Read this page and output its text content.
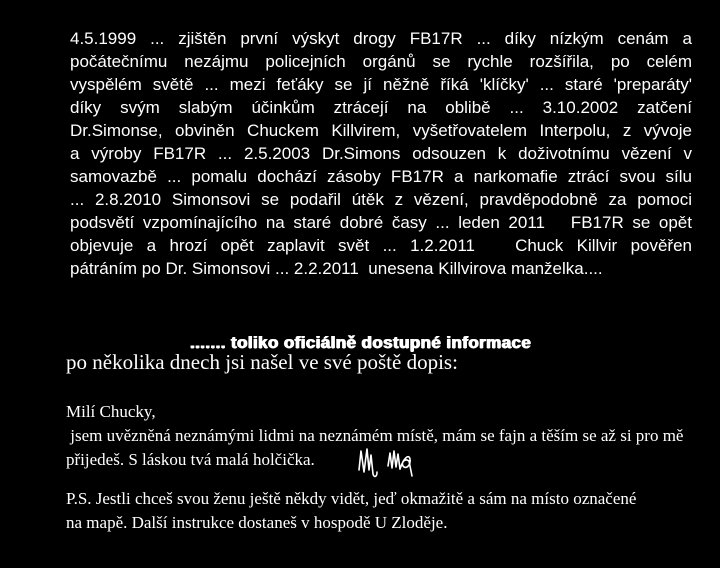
4.5.1999 ... zjištěn první výskyt drogy FB17R ... díky nízkým cenám a
počátečnímu nezájmu policejních orgánů se rychle rozšířila, po celém
vyspělém světě ... mezi feťáky se jí něžně říká 'klíčky' ... staré 'preparáty'
díky svým slabým účinkům ztrácejí na oblibě ... 3.10.2002 zatčení
Dr.Simonse, obviněn Chuckem Killvirem, vyšetřovatelem Interpolu, z vývoje
a výroby FB17R ... 2.5.2003 Dr.Simons odsouzen k doživotnímu vězení v
samovazbě ... pomalu dochází zásoby FB17R a narkomafie ztrácí svou sílu
... 2.8.2010 Simonsovi se podařil útěk z vězení, pravděpodobně za pomoci
podsvětí vzpomínajícího na staré dobré časy ... leden 2011   FB17R se opět
objevuje a hrozí opět zaplavit svět ... 1.2.2011   Chuck Killvir pověřen
pátráním po Dr. Simonsovi ... 2.2.2011  unesena Killvirova manželka....
....... toliko oficiálně dostupné informace
po několika dnech jsi našel ve své poště dopis:
Milí Chucky,
jsem uvězněná neznámými lidmi na neznámém místě, mám se fajn a těším se až si pro mě
přijedeš. S láskou tvá malá holčička.
P.S. Jestli chceš svou ženu ještě někdy vidět, jeď okmažitě a sám na místo označené
na mapě. Další instrukce dostaneš v hospodě U Zloděje.
